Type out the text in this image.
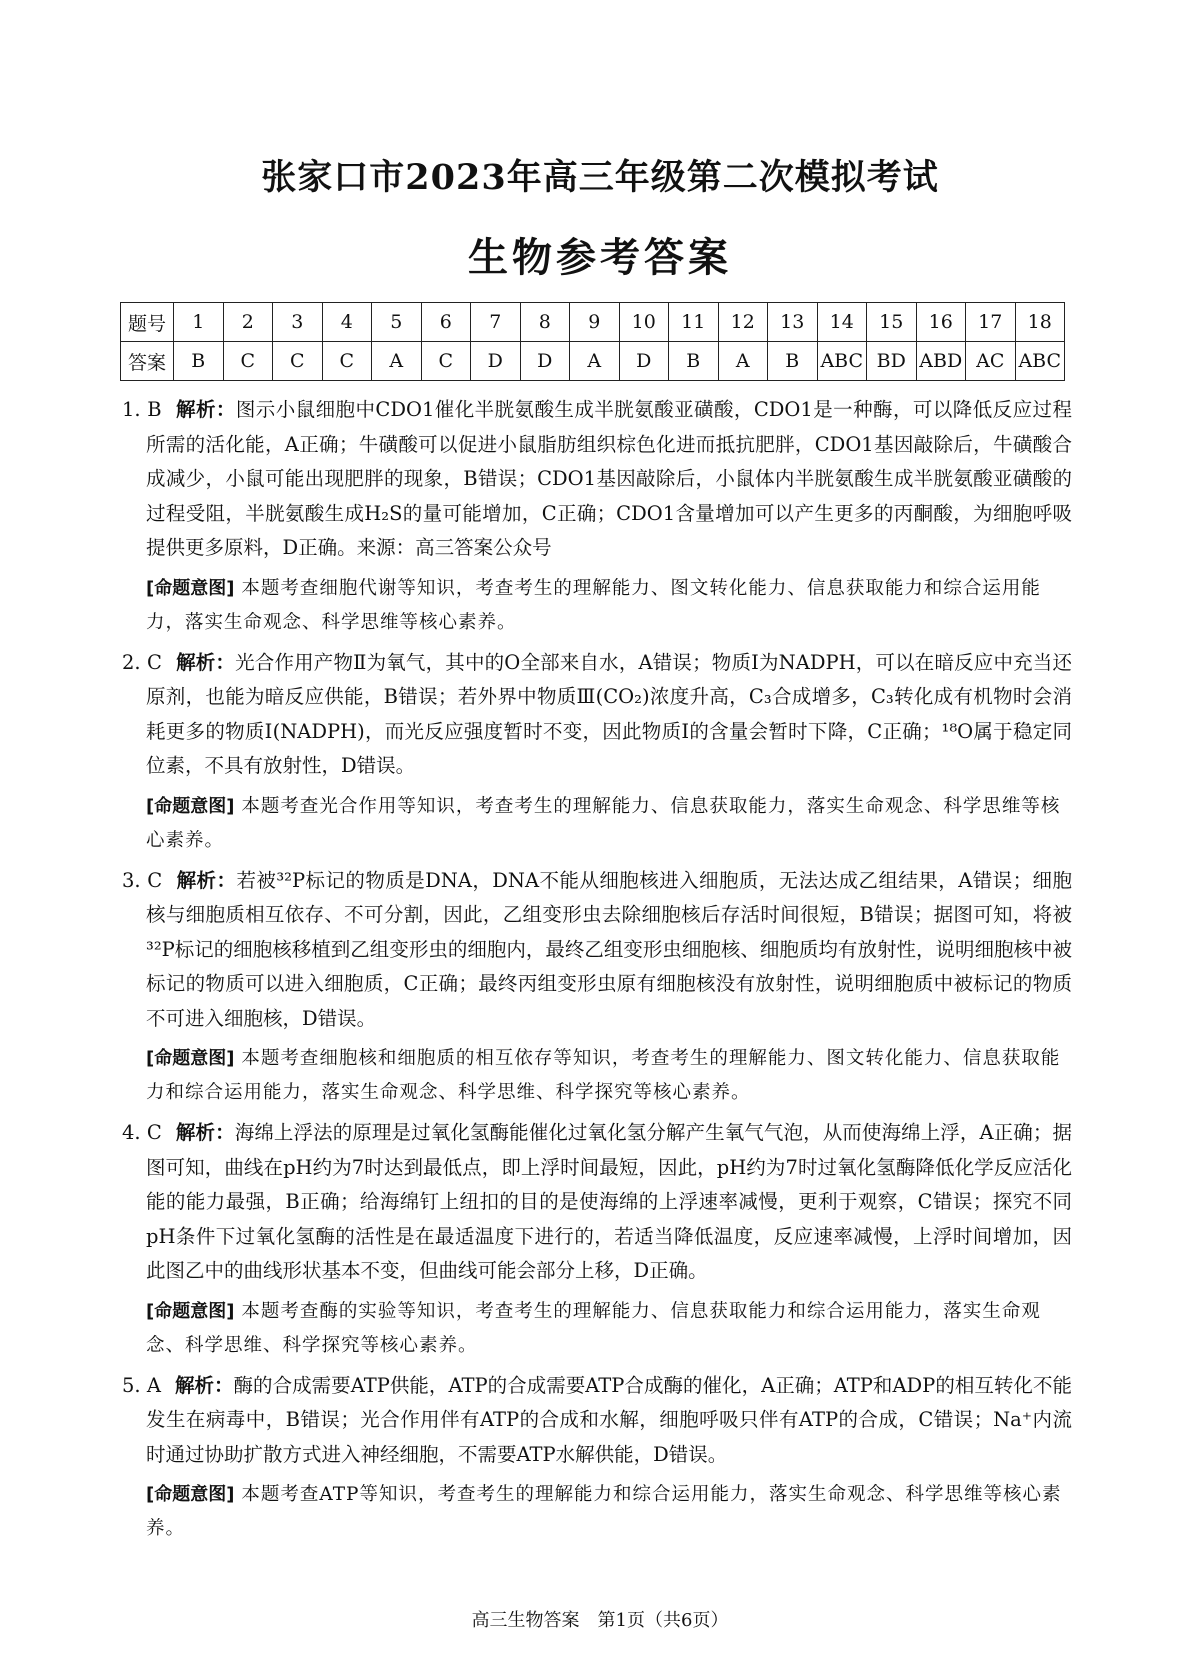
张家口市2023年高三年级第二次模拟考试
生物参考答案
题号	1	2	3	4	5	6	7	8	9	10	11	12	13	14	15	16	17	18
答案	B	C	C	C	A	C	D	D	A	D	B	A	B	ABC	BD	ABD	AC	ABC

1. B 解析：图示小鼠细胞中CDO1催化半胱氨酸生成半胱氨酸亚磺酸，CDO1是一种酶，可以降低反应过程所需的活化能，A正确；牛磺酸可以促进小鼠脂肪组织棕色化进而抵抗肥胖，CDO1基因敲除后，牛磺酸合成减少，小鼠可能出现肥胖的现象，B错误；CDO1基因敲除后，小鼠体内半胱氨酸生成半胱氨酸亚磺酸的过程受阻，半胱氨酸生成H₂S的量可能增加，C正确；CDO1含量增加可以产生更多的丙酮酸，为细胞呼吸提供更多原料，D正确。来源：高三答案公众号

[命题意图] 本题考查细胞代谢等知识，考查考生的理解能力、图文转化能力、信息获取能力和综合运用能力，落实生命观念、科学思维等核心素养。

2. C 解析：光合作用产物Ⅱ为氧气，其中的O全部来自水，A错误；物质Ⅰ为NADPH，可以在暗反应中充当还原剂，也能为暗反应供能，B错误；若外界中物质Ⅲ(CO₂)浓度升高，C₃合成增多，C₃转化成有机物时会消耗更多的物质Ⅰ(NADPH)，而光反应强度暂时不变，因此物质Ⅰ的含量会暂时下降，C正确；¹⁸O属于稳定同位素，不具有放射性，D错误。

[命题意图] 本题考查光合作用等知识，考查考生的理解能力、信息获取能力，落实生命观念、科学思维等核心素养。

3. C 解析：若被³²P标记的物质是DNA，DNA不能从细胞核进入细胞质，无法达成乙组结果，A错误；细胞核与细胞质相互依存、不可分割，因此，乙组变形虫去除细胞核后存活时间很短，B错误；据图可知，将被³²P标记的细胞核移植到乙组变形虫的细胞内，最终乙组变形虫细胞核、细胞质均有放射性，说明细胞核中被标记的物质可以进入细胞质，C正确；最终丙组变形虫原有细胞核没有放射性，说明细胞质中被标记的物质不可进入细胞核，D错误。

[命题意图] 本题考查细胞核和细胞质的相互依存等知识，考查考生的理解能力、图文转化能力、信息获取能力和综合运用能力，落实生命观念、科学思维、科学探究等核心素养。

4. C 解析：海绵上浮法的原理是过氧化氢酶能催化过氧化氢分解产生氧气气泡，从而使海绵上浮，A正确；据图可知，曲线在pH约为7时达到最低点，即上浮时间最短，因此，pH约为7时过氧化氢酶降低化学反应活化能的能力最强，B正确；给海绵钉上纽扣的目的是使海绵的上浮速率减慢，更利于观察，C错误；探究不同pH条件下过氧化氢酶的活性是在最适温度下进行的，若适当降低温度，反应速率减慢，上浮时间增加，因此图乙中的曲线形状基本不变，但曲线可能会部分上移，D正确。

[命题意图] 本题考查酶的实验等知识，考查考生的理解能力、信息获取能力和综合运用能力，落实生命观念、科学思维、科学探究等核心素养。

5. A 解析：酶的合成需要ATP供能，ATP的合成需要ATP合成酶的催化，A正确；ATP和ADP的相互转化不能发生在病毒中，B错误；光合作用伴有ATP的合成和水解，细胞呼吸只伴有ATP的合成，C错误；Na⁺内流时通过协助扩散方式进入神经细胞，不需要ATP水解供能，D错误。

[命题意图] 本题考查ATP等知识，考查考生的理解能力和综合运用能力，落实生命观念、科学思维等核心素养。
高三生物答案　第1页（共6页）
